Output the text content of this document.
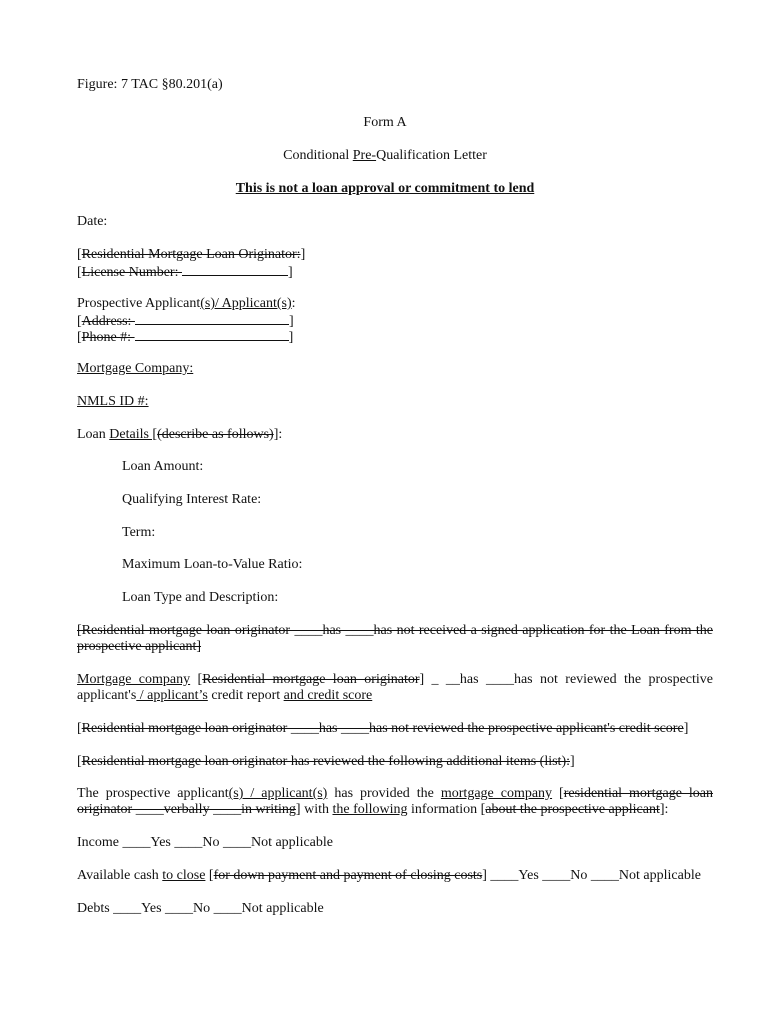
Figure: 7 TAC §80.201(a)
Form A
Conditional Pre-Qualification Letter
This is not a loan approval or commitment to lend
Date:
[Residential Mortgage Loan Originator:]
[License Number:	]
Prospective Applicant(s)/ Applicant(s):
[Address:	]
[Phone #:	]
Mortgage Company:
NMLS ID #:
Loan Details [(describe as follows)]:
Loan Amount:
Qualifying Interest Rate:
Term:
Maximum Loan-to-Value Ratio:
Loan Type and Description:
[Residential mortgage loan originator ____has ____has not received a signed application for the Loan from the
prospective applicant]
Mortgage company [Residential mortgage loan originator] _ __has ____has not reviewed the prospective
applicant's / applicant’s credit report and credit score
[Residential mortgage loan originator ____has ____has not reviewed the prospective applicant's credit score]
[Residential mortgage loan originator has reviewed the following additional items (list):]
The prospective applicant(s) / applicant(s) has provided the mortgage company [residential mortgage loan
originator ____verbally ____in writing] with the following information [about the prospective applicant]:
Income ____Yes ____No ____Not applicable
Available cash to close [for down payment and payment of closing costs] ____Yes ____No ____Not applicable
Debts ____Yes ____No ____Not applicable
